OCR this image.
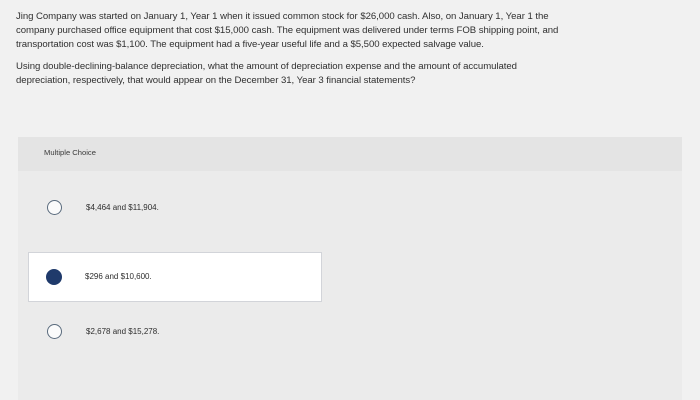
Jing Company was started on January 1, Year 1 when it issued common stock for $26,000 cash. Also, on January 1, Year 1 the
company purchased office equipment that cost $15,000 cash. The equipment was delivered under terms FOB shipping point, and
transportation cost was $1,100. The equipment had a five-year useful life and a $5,500 expected salvage value.

Using double-declining-balance depreciation, what the amount of depreciation expense and the amount of accumulated
depreciation, respectively, that would appear on the December 31, Year 3 financial statements?

Multiple Choice
$4,464 and $11,904.
$296 and $10,600.
$2,678 and $15,278.
